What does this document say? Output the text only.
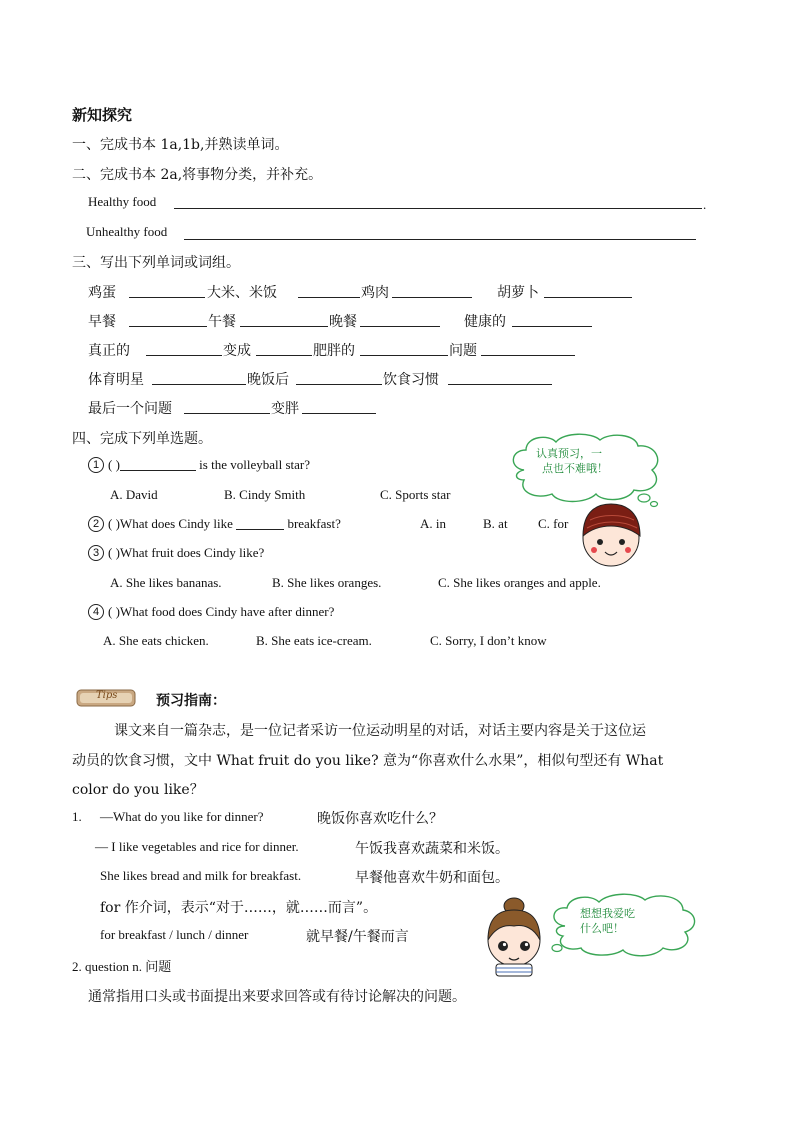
新知探究
一、完成书本 1a,1b,并熟读单词。
二、完成书本 2a,将事物分类，并补充。
Healthy food	.
Unhealthy food
三、写出下列单词或词组。
鸡蛋	大米、米饭	鸡肉	胡萝卜
早餐	午餐	晚餐	健康的
真正的	变成	肥胖的	问题
体育明星	晚饭后	饮食习惯
最后一个问题	变胖
四、完成下列单选题。
1 ( )	is the volleyball star?
A. David	B. Cindy Smith	C. Sports star
2 ( )What does Cindy like	breakfast?	A. in	B. at C. for
3 ( )What fruit does Cindy like?
A. She likes bananas.	B. She likes oranges.	C. She likes oranges and apple.
4 ( )What food does Cindy have after dinner?
A. She eats chicken.	B. She eats ice-cream.	C. Sorry, I don’t know
认真预习，一
点也不难哦！
Tips	预习指南：
课文来自一篇杂志，是一位记者采访一位运动明星的对话，对话主要内容是关于这位运
动员的饮食习惯，文中 What fruit do you like? 意为“你喜欢什么水果”，相似句型还有 What
color do you like？
1. —What do you like for dinner?	晚饭你喜欢吃什么？
— I like vegetables and rice for dinner.	午饭我喜欢蔬菜和米饭。
She likes bread and milk for breakfast.	早餐他喜欢牛奶和面包。
for 作介词，表示“对于……，就……而言”。
for breakfast / lunch / dinner	就早餐/午餐而言
想想我爱吃
什么吧！
2. question n. 问题
通常指用口头或书面提出来要求回答或有待讨论解决的问题。
